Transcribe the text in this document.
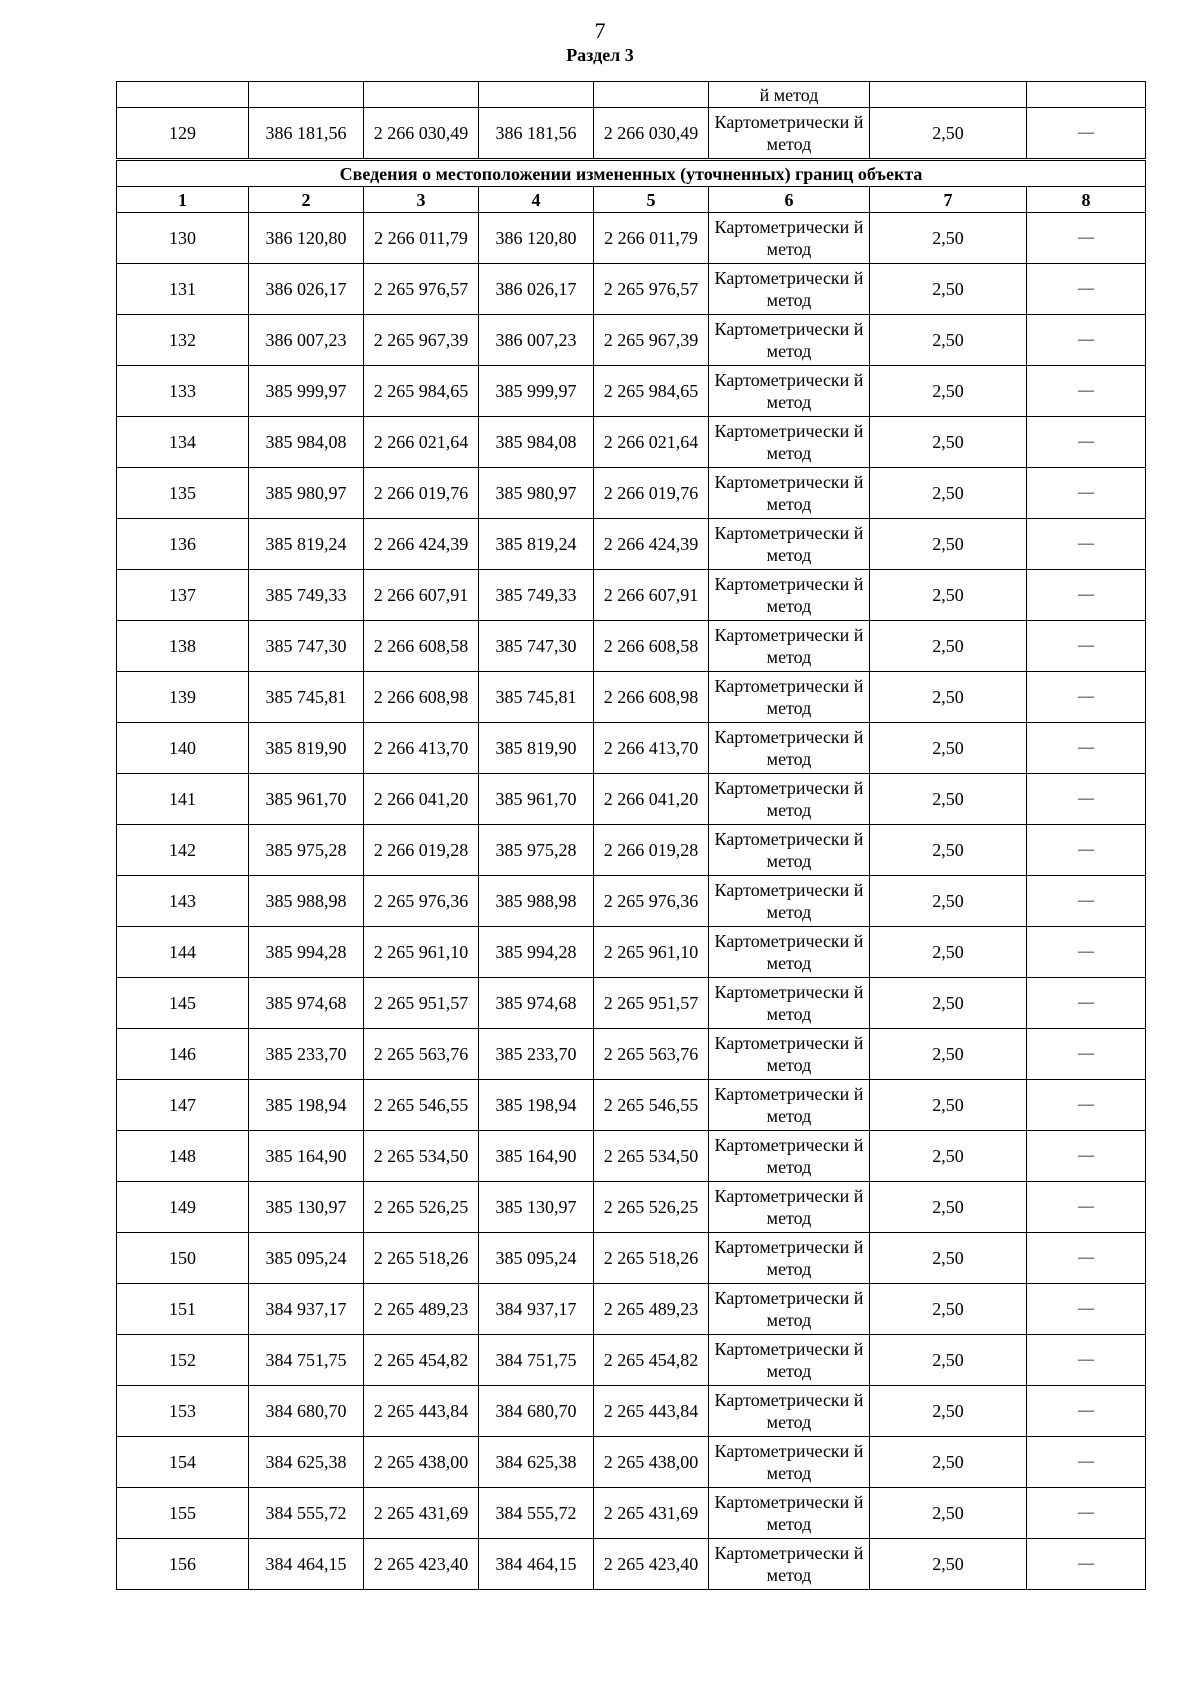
7
Раздел 3
					й метод		
129	386 181,56	2 266 030,49	386 181,56	2 266 030,49	Картометрически й метод	2,50	—
Сведения о местоположении измененных (уточненных) границ объекта							
1	2	3	4	5	6	7	8
130	386 120,80	2 266 011,79	386 120,80	2 266 011,79	Картометрически й метод	2,50	—
131	386 026,17	2 265 976,57	386 026,17	2 265 976,57	Картометрически й метод	2,50	—
132	386 007,23	2 265 967,39	386 007,23	2 265 967,39	Картометрически й метод	2,50	—
133	385 999,97	2 265 984,65	385 999,97	2 265 984,65	Картометрически й метод	2,50	—
134	385 984,08	2 266 021,64	385 984,08	2 266 021,64	Картометрически й метод	2,50	—
135	385 980,97	2 266 019,76	385 980,97	2 266 019,76	Картометрически й метод	2,50	—
136	385 819,24	2 266 424,39	385 819,24	2 266 424,39	Картометрически й метод	2,50	—
137	385 749,33	2 266 607,91	385 749,33	2 266 607,91	Картометрически й метод	2,50	—
138	385 747,30	2 266 608,58	385 747,30	2 266 608,58	Картометрически й метод	2,50	—
139	385 745,81	2 266 608,98	385 745,81	2 266 608,98	Картометрически й метод	2,50	—
140	385 819,90	2 266 413,70	385 819,90	2 266 413,70	Картометрически й метод	2,50	—
141	385 961,70	2 266 041,20	385 961,70	2 266 041,20	Картометрически й метод	2,50	—
142	385 975,28	2 266 019,28	385 975,28	2 266 019,28	Картометрически й метод	2,50	—
143	385 988,98	2 265 976,36	385 988,98	2 265 976,36	Картометрически й метод	2,50	—
144	385 994,28	2 265 961,10	385 994,28	2 265 961,10	Картометрически й метод	2,50	—
145	385 974,68	2 265 951,57	385 974,68	2 265 951,57	Картометрически й метод	2,50	—
146	385 233,70	2 265 563,76	385 233,70	2 265 563,76	Картометрически й метод	2,50	—
147	385 198,94	2 265 546,55	385 198,94	2 265 546,55	Картометрически й метод	2,50	—
148	385 164,90	2 265 534,50	385 164,90	2 265 534,50	Картометрически й метод	2,50	—
149	385 130,97	2 265 526,25	385 130,97	2 265 526,25	Картометрически й метод	2,50	—
150	385 095,24	2 265 518,26	385 095,24	2 265 518,26	Картометрически й метод	2,50	—
151	384 937,17	2 265 489,23	384 937,17	2 265 489,23	Картометрически й метод	2,50	—
152	384 751,75	2 265 454,82	384 751,75	2 265 454,82	Картометрически й метод	2,50	—
153	384 680,70	2 265 443,84	384 680,70	2 265 443,84	Картометрически й метод	2,50	—
154	384 625,38	2 265 438,00	384 625,38	2 265 438,00	Картометрически й метод	2,50	—
155	384 555,72	2 265 431,69	384 555,72	2 265 431,69	Картометрически й метод	2,50	—
156	384 464,15	2 265 423,40	384 464,15	2 265 423,40	Картометрически й метод	2,50	—
